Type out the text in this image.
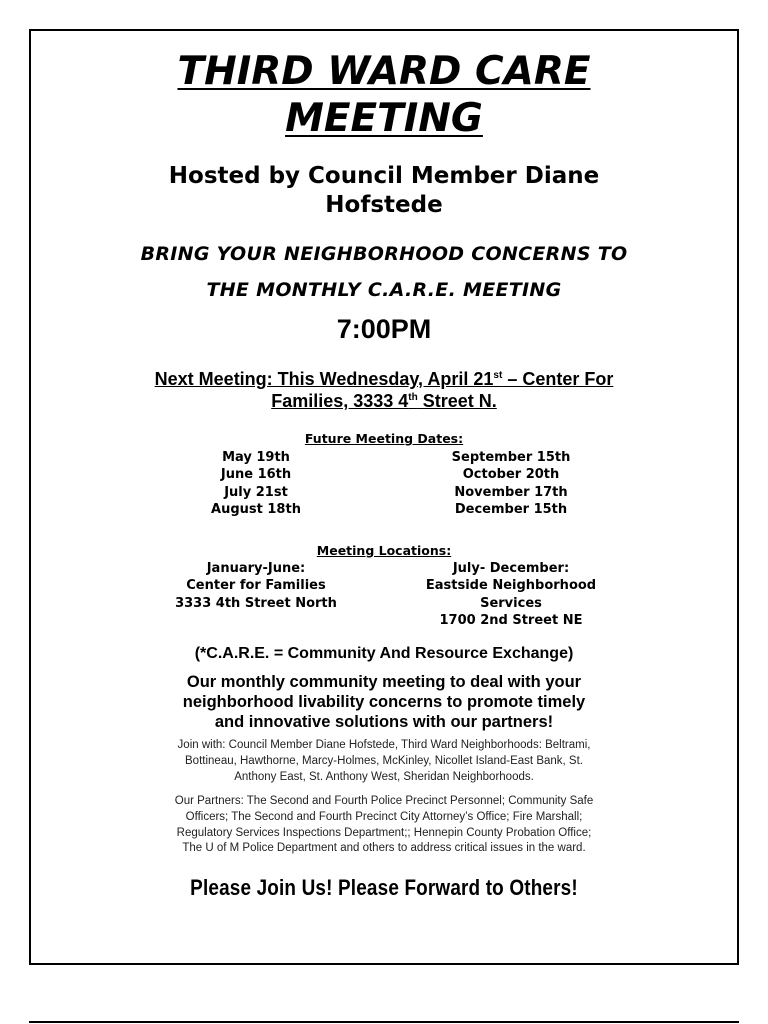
THIRD WARD CARE
MEETING
Hosted by Council Member Diane
Hofstede
BRING YOUR NEIGHBORHOOD CONCERNS TO
THE MONTHLY C.A.R.E. MEETING
7:00PM
Next Meeting: This Wednesday, April 21st – Center For
Families, 3333 4th Street N.
Future Meeting Dates:
May 19th
June 16th
July 21st
August 18th
September 15th
October 20th
November 17th
December 15th
Meeting Locations:
January-June:
Center for Families
3333 4th Street North
July- December:
Eastside Neighborhood
Services
1700 2nd Street NE
(*C.A.R.E. = Community And Resource Exchange)
Our monthly community meeting to deal with your
neighborhood livability concerns to promote timely
and innovative solutions with our partners!
Join with: Council Member Diane Hofstede, Third Ward Neighborhoods: Beltrami,
Bottineau, Hawthorne, Marcy-Holmes, McKinley, Nicollet Island-East Bank, St.
Anthony East, St. Anthony West, Sheridan Neighborhoods.
Our Partners: The Second and Fourth Police Precinct Personnel; Community Safe
Officers; The Second and Fourth Precinct City Attorney’s Office; Fire Marshall;
Regulatory Services Inspections Department;; Hennepin County Probation Office;
The U of M Police Department and others to address critical issues in the ward.
Please Join Us! Please Forward to Others!
